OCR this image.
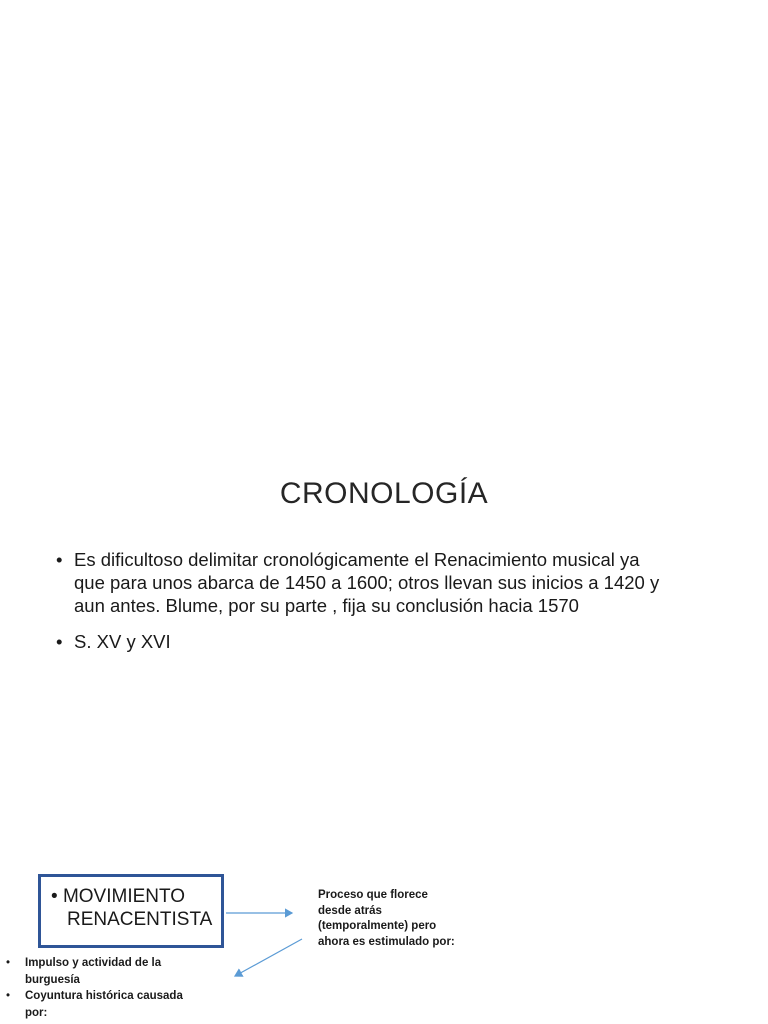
CRONOLOGÍA
• Es dificultoso delimitar cronológicamente el Renacimiento musical ya
que para unos abarca de 1450 a 1600; otros llevan sus inicios a 1420 y
aun antes. Blume, por su parte , fija su conclusión hacia 1570
• S. XV y XVI
• MOVIMIENTO
RENACENTISTA
Proceso que florece
desde atrás
(temporalmente) pero
ahora es estimulado por:
• Impulso y actividad de la
burguesía
• Coyuntura histórica causada
por:
